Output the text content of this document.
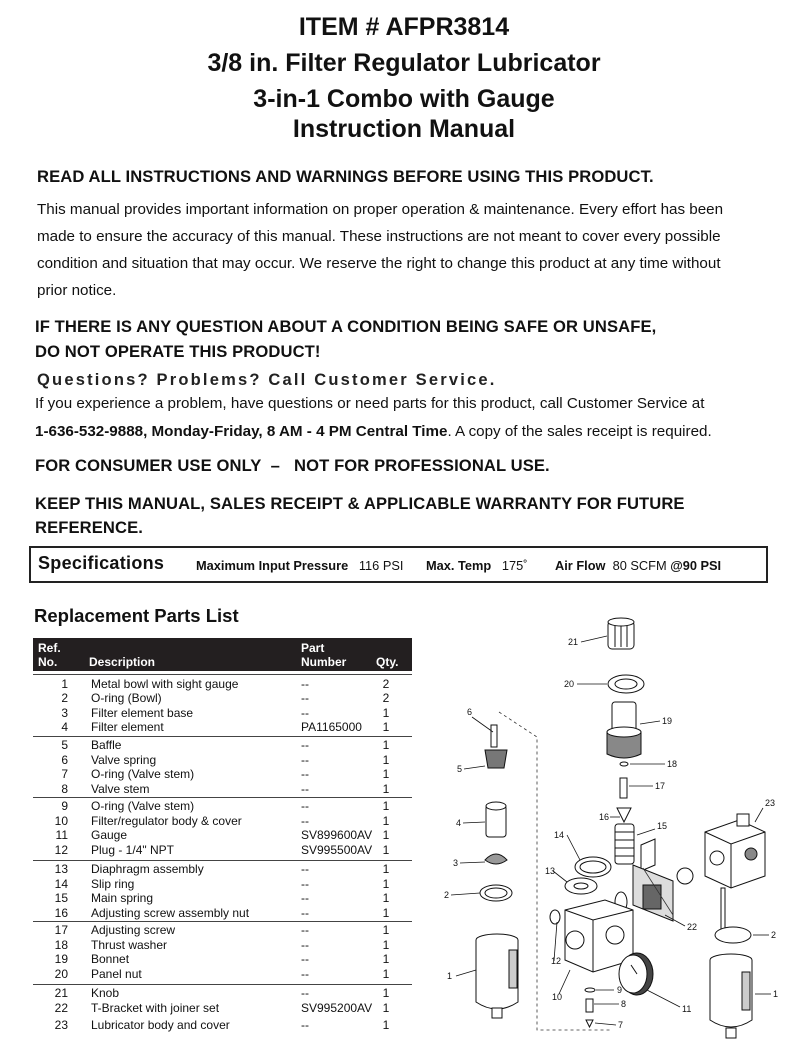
ITEM # AFPR3814
3/8 in. Filter Regulator Lubricator
3-in-1 Combo with Gauge
Instruction Manual
READ ALL INSTRUCTIONS AND WARNINGS BEFORE USING THIS PRODUCT.
This manual provides important information on proper operation & maintenance. Every effort has been
made to ensure the accuracy of this manual. These instructions are not meant to cover every possible
condition and situation that may occur. We reserve the right to change this product at any time without
prior notice.
IF THERE IS ANY QUESTION ABOUT A CONDITION BEING SAFE OR UNSAFE,
DO NOT OPERATE THIS PRODUCT!
Questions? Problems? Call Customer Service.
If you experience a problem, have questions or need parts for this product, call Customer Service at
1-636-532-9888, Monday-Friday, 8 AM - 4 PM Central Time. A copy of the sales receipt is required.
FOR CONSUMER USE ONLY  –   NOT FOR PROFESSIONAL USE.
KEEP THIS MANUAL, SALES RECEIPT & APPLICABLE WARRANTY FOR FUTURE
REFERENCE.
Specifications Maximum Input Pressure 116 PSI Max. Temp 175˚ Air Flow 80 SCFM @90 PSI
Replacement Parts List
Ref.
No.	Description
Part
Number Qty.
1 Metal bowl with sight gauge	--	2
2 O-ring (Bowl)	--	2
3 Filter element base	--	1
4 Filter element	PA1165000	1
5 Baffle	--	1
6 Valve spring	--	1
7 O-ring (Valve stem)	--	1
8 Valve stem	--	1
9 O-ring (Valve stem)	--	1
10 Filter/regulator body & cover	--	1
11 Gauge	SV899600AV 1
12 Plug - 1/4" NPT	SV995500AV 1
13 Diaphragm assembly	--	1
14 Slip ring	--	1
15 Main spring	--	1
16 Adjusting screw assembly nut	--	1
17 Adjusting screw	--	1
18 Thrust washer	--	1
19 Bonnet	--	1
20 Panel nut	--	1
21 Knob	--	1
22 T-Bracket with joiner set	SV995200AV 1
23 Lubricator body and cover	--	1
21
20
19
18
17
16
15
14
13
22
23
2
1
6
5
4
3
2
1
12
10
9
8
7
11
